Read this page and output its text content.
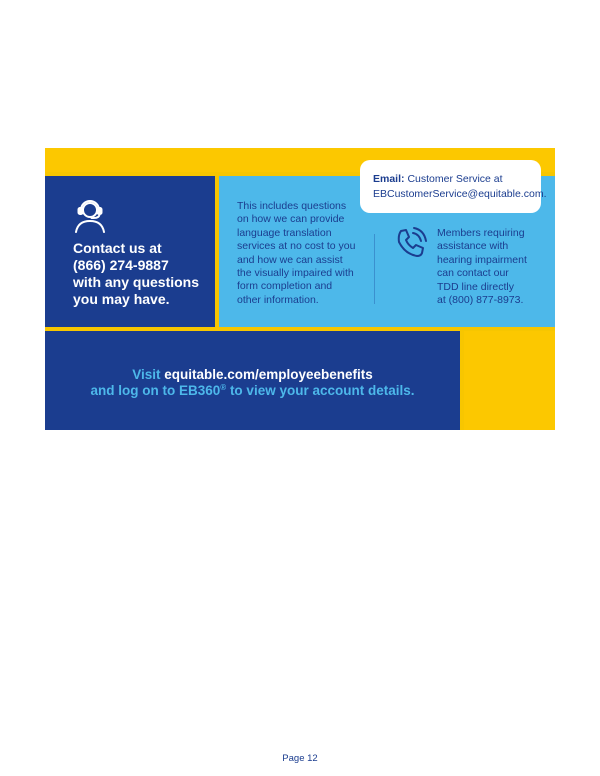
Email: Customer Service at
EBCustomerService@equitable.com.
Contact us at
(866) 274-9887
with any questions
you may have.
This includes questions
on how we can provide
language translation
services at no cost to you
and how we can assist
the visually impaired with
form completion and
other information.
Members requiring
assistance with
hearing impairment
can contact our
TDD line directly
at (800) 877-8973.
Visit equitable.com/employeebenefits
and log on to EB360® to view your account details.
Page 12
